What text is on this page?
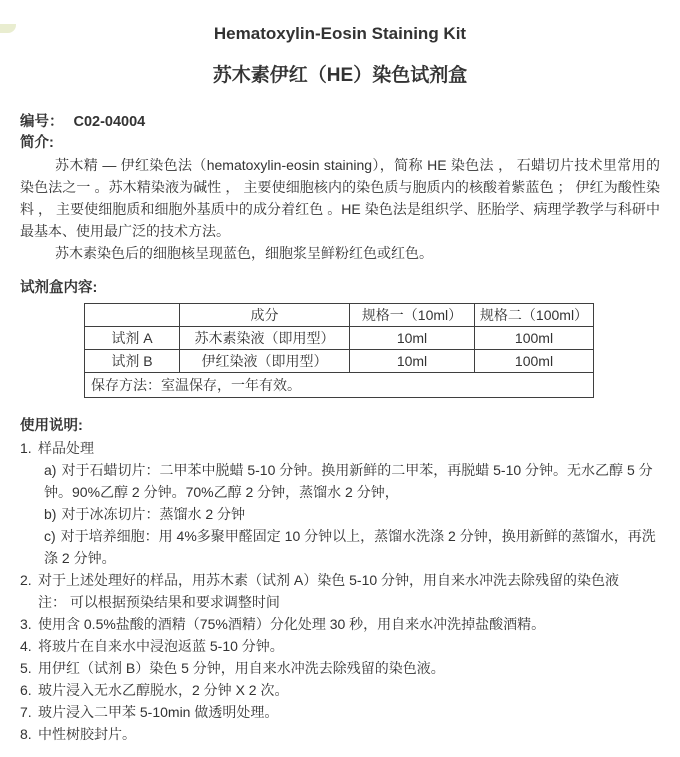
Hematoxylin-Eosin Staining Kit
苏木素伊红（HE）染色试剂盒

编号： C02-04004

简介:

苏木精 — 伊红染色法（hematoxylin-eosin staining），简称 HE 染色法 ， 石蜡切片技术里常用的染色法之一 。苏木精染液为碱性 ， 主要使细胞核内的染色质与胞质内的核酸着紫蓝色 ； 伊红为酸性染料 ， 主要使细胞质和细胞外基质中的成分着红色 。HE 染色法是组织学、胚胎学、病理学教学与科研中最基本、使用最广泛的技术方法。

苏木素染色后的细胞核呈现蓝色，细胞浆呈鲜粉红色或红色。

试剂盒内容:

	成分	规格一（10ml）	规格二（100ml）
试剂 A	苏木素染液（即用型）	10ml	100ml
试剂 B	伊红染液（即用型）	10ml	100ml
保存方法：室温保存，一年有效。			

使用说明:

1. 样品处理
a) 对于石蜡切片：二甲苯中脱蜡 5-10 分钟。换用新鲜的二甲苯，再脱蜡 5-10 分钟。无水乙醇 5 分钟。90%乙醇 2 分钟。70%乙醇 2 分钟，蒸馏水 2 分钟，
b) 对于冰冻切片：蒸馏水 2 分钟
c) 对于培养细胞：用 4%多聚甲醛固定 10 分钟以上，蒸馏水洗涤 2 分钟，换用新鲜的蒸馏水，再洗涤 2 分钟。
2. 对于上述处理好的样品，用苏木素（试剂 A）染色 5-10 分钟，用自来水冲洗去除残留的染色液
注： 可以根据预染结果和要求调整时间
3. 使用含 0.5%盐酸的酒精（75%酒精）分化处理 30 秒，用自来水冲洗掉盐酸酒精。
4. 将玻片在自来水中浸泡返蓝 5-10 分钟。
5. 用伊红（试剂 B）染色 5 分钟，用自来水冲洗去除残留的染色液。
6. 玻片浸入无水乙醇脱水，2 分钟 X 2 次。
7. 玻片浸入二甲苯 5-10min 做透明处理。
8. 中性树胶封片。
